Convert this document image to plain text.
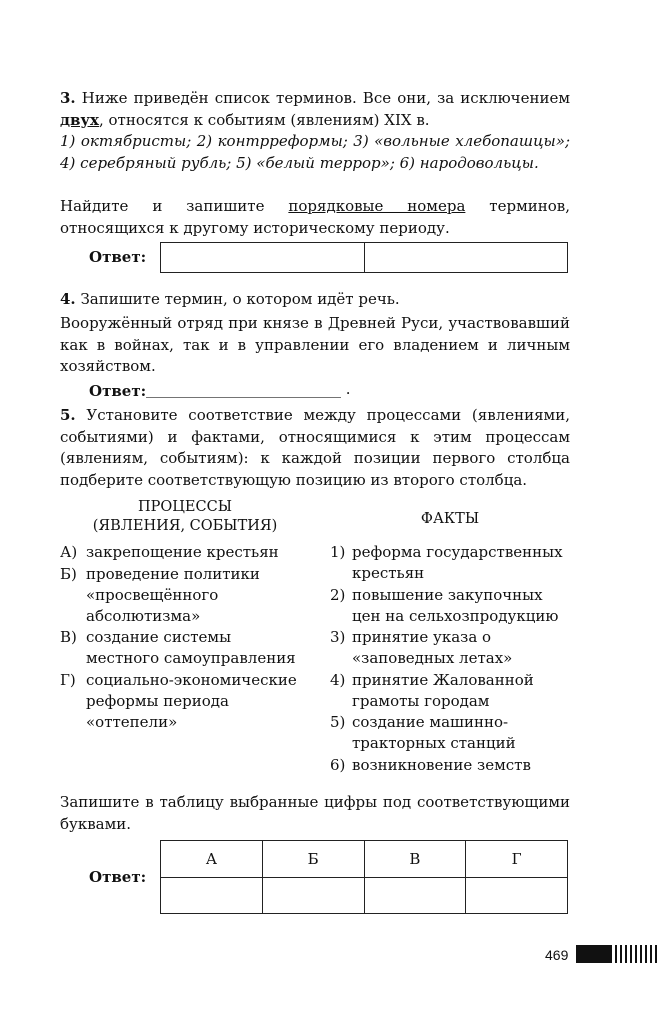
3. Ниже приведён список терминов. Все они, за исключением двух, относятся к событиям (явлениям) XIX в.
1) октябристы; 2) контрреформы; 3) «вольные хлебопашцы»; 4) серебряный рубль; 5) «белый террор»; 6) народовольцы.
Найдите и запишите порядковые номера терминов, относящихся к другому историческому периоду.
Ответ:

4. Запишите термин, о котором идёт речь.
Вооружённый отряд при князе в Древней Руси, участвовавший как в войнах, так и в управлении его владением и личным хозяйством.
Ответ: __________________________ .
5. Установите соответствие между процессами (явлениями, событиями) и фактами, относящимися к этим процессам (явлениям, событиям): к каждой позиции первого столбца подберите соответствующую позицию из второго столбца.
ПРОЦЕССЫ
(ЯВЛЕНИЯ, СОБЫТИЯ)	ФАКТЫ
А) закрепощение крестьян
Б) проведение политики «просвещённого абсолютизма»
В) создание системы местного самоуправления
Г) социально-экономические реформы периода «оттепели»
1) реформа государственных крестьян
2) повышение закупочных цен на сельхозпродукцию
3) принятие указа о «заповедных летах»
4) принятие Жалованной грамоты городам
5) создание машинно-тракторных станций
6) возникновение земств
Запишите в таблицу выбранные цифры под соответствующими буквами.
Ответ:
А	Б	В	Г

469
